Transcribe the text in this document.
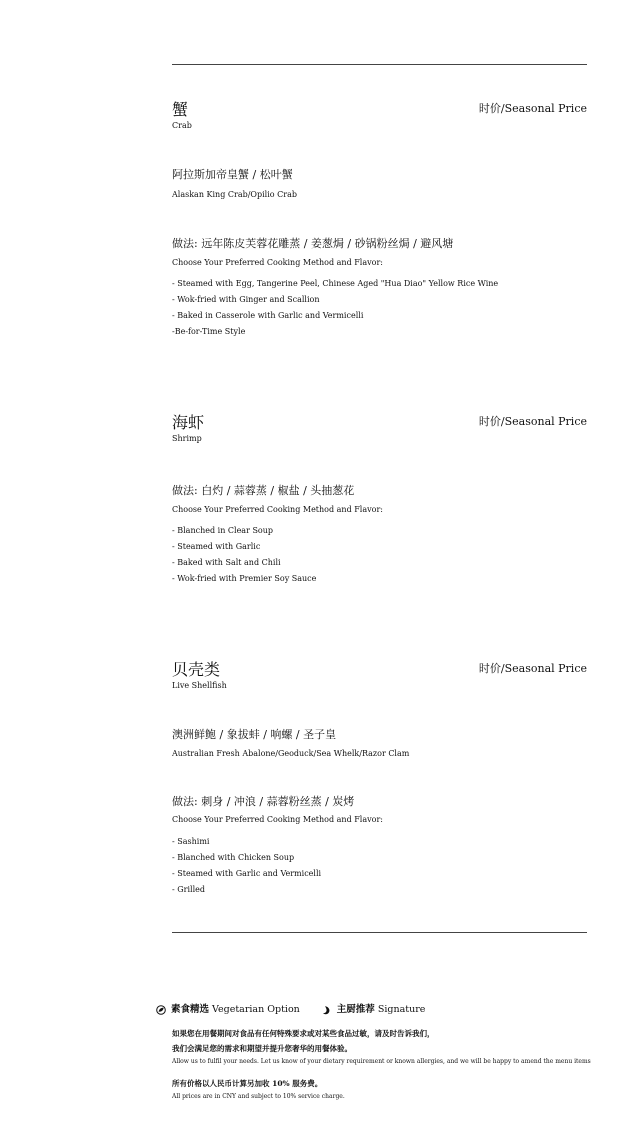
蟹
Crab
时价/Seasonal Price
阿拉斯加帝皇蟹 / 松叶蟹
Alaskan King Crab/Opilio Crab
做法: 远年陈皮芙蓉花雕蒸 / 姜葱焗 / 砂锅粉丝焗 / 避风塘
Choose Your Preferred Cooking Method and Flavor:
- Steamed with Egg, Tangerine Peel, Chinese Aged "Hua Diao" Yellow Rice Wine
- Wok-fried with Ginger and Scallion
- Baked in Casserole with Garlic and Vermicelli
-Be-for-Time Style
海虾
Shrimp
时价/Seasonal Price
做法: 白灼 / 蒜蓉蒸 / 椒盐 / 头抽葱花
Choose Your Preferred Cooking Method and Flavor:
- Blanched in Clear Soup
- Steamed with Garlic
- Baked with Salt and Chili
- Wok-fried with Premier Soy Sauce
贝壳类
Live Shellfish
时价/Seasonal Price
澳洲鲜鲍 / 象拔蚌 / 响螺 / 圣子皇
Australian Fresh Abalone/Geoduck/Sea Whelk/Razor Clam
做法: 刺身 / 冲浪 / 蒜蓉粉丝蒸 / 炭烤
Choose Your Preferred Cooking Method and Flavor:
- Sashimi
- Blanched with Chicken Soup
- Steamed with Garlic and Vermicelli
- Grilled
素食精选
Vegetarian Option	主厨推荐
Signature
如果您在用餐期间对食品有任何特殊要求或对某些食品过敏，请及时告诉我们，
我们会满足您的需求和期望并提升您奢华的用餐体验。
Allow us to fulfil your needs. Let us know of your dietary requirement or known allergies, and we will be happy to amend the menu items
所有价格以人民币计算另加收 10% 服务费。
All prices are in CNY and subject to 10% service charge.
